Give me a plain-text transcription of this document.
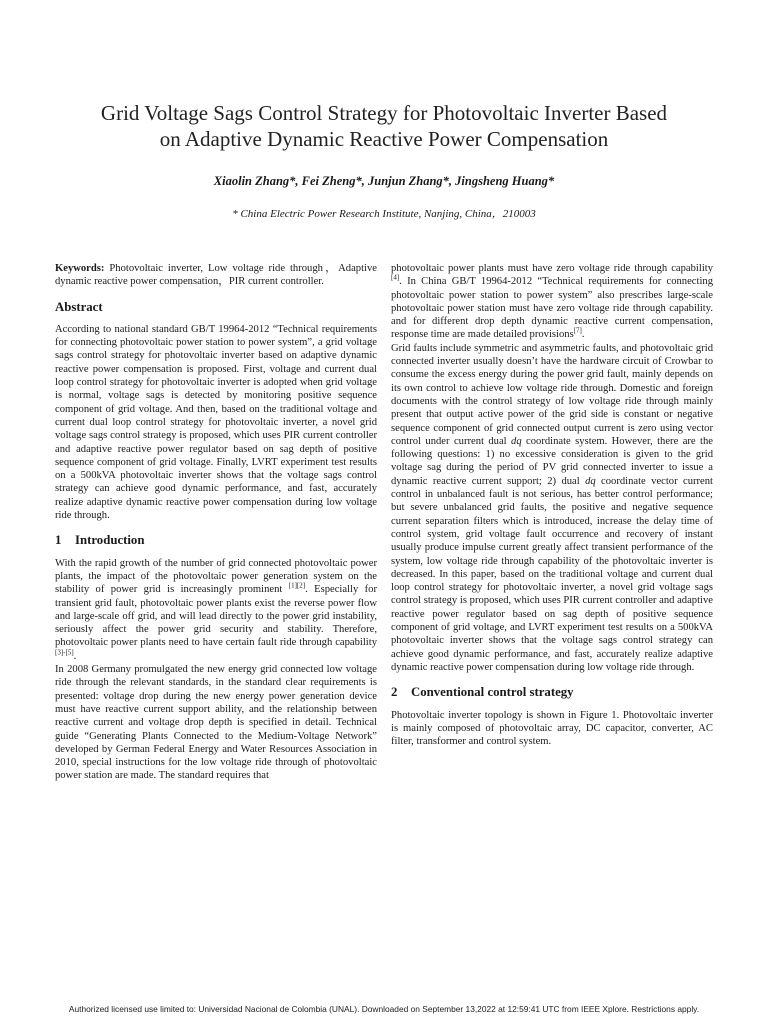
Grid Voltage Sags Control Strategy for Photovoltaic Inverter Based
on Adaptive Dynamic Reactive Power Compensation
Xiaolin Zhang*, Fei Zheng*, Junjun Zhang*, Jingsheng Huang*
* China Electric Power Research Institute, Nanjing, China，210003

Keywords: Photovoltaic inverter, Low voltage ride through，Adaptive dynamic reactive power compensation，PIR current controller.

Abstract

According to national standard GB/T 19964-2012 “Technical requirements for connecting photovoltaic power station to power system”, a grid voltage sags control strategy for photovoltaic inverter based on adaptive dynamic reactive power compensation is proposed. First, voltage and current dual loop control strategy for photovoltaic inverter is adopted when grid voltage is normal, voltage sags is detected by monitoring positive sequence component of grid voltage. And then, based on the traditional voltage and current dual loop control strategy for photovoltaic inverter, a novel grid voltage sags control strategy is proposed, which uses PIR current controller and adaptive reactive power regulator based on sag depth of positive sequence component of grid voltage. Finally, LVRT experiment test results on a 500kVA photovoltaic inverter shows that the voltage sags control strategy can achieve good dynamic performance, and fast, accurately realize adaptive dynamic reactive power compensation during low voltage ride through.

1 Introduction

With the rapid growth of the number of grid connected photovoltaic power plants, the impact of the photovoltaic power generation system on the stability of power grid is increasingly prominent [1][2]. Especially for transient grid fault, photovoltaic power plants exist the reverse power flow and large-scale off grid, and will lead directly to the power grid instability, seriously affect the power grid security and stability. Therefore, photovoltaic power plants need to have certain fault ride through capability [3]-[5].

In 2008 Germany promulgated the new energy grid connected low voltage ride through the relevant standards, in the standard clear requirements is presented: voltage drop during the new energy power generation device must have reactive current support ability, and the relationship between reactive current and voltage drop depth is specified in detail. Technical guide “Generating Plants Connected to the Medium-Voltage Network” developed by German Federal Energy and Water Resources Association in 2010, special instructions for the low voltage ride through of photovoltaic power station are made. The standard requires that

photovoltaic power plants must have zero voltage ride through capability [4]. In China GB/T 19964-2012 “Technical requirements for connecting photovoltaic power station to power system” also prescribes large-scale photovoltaic power station must have zero voltage ride through capability. and for different drop depth dynamic reactive current compensation, response time are made detailed provisions[7].

Grid faults include symmetric and asymmetric faults, and photovoltaic grid connected inverter usually doesn’t have the hardware circuit of Crowbar to consume the excess energy during the power grid fault, mainly depends on its own control to achieve low voltage ride through. Domestic and foreign documents with the control strategy of low voltage ride through mainly present that output active power of the grid side is constant or negative sequence component of grid connected output current is zero using vector control under current dual dq coordinate system. However, there are the following questions: 1) no excessive consideration is given to the grid voltage sag during the period of PV grid connected inverter to issue a dynamic reactive current support; 2) dual dq coordinate vector current control in unbalanced fault is not serious, has better control performance; but severe unbalanced grid faults, the positive and negative sequence current separation filters which is introduced, increase the delay time of control system, grid voltage fault occurrence and recovery of instant usually produce impulse current greatly affect transient performance of the system, low voltage ride through capability of the photovoltaic inverter is decreased. In this paper, based on the traditional voltage and current dual loop control strategy for photovoltaic inverter, a novel grid voltage sags control strategy is proposed, which uses PIR current controller and adaptive reactive power regulator based on sag depth of positive sequence component of grid voltage, and LVRT experiment test results on a 500kVA photovoltaic inverter shows that the voltage sags control strategy can achieve good dynamic performance, and fast, accurately realize adaptive dynamic reactive power compensation during low voltage ride through.

2 Conventional control strategy

Photovoltaic inverter topology is shown in Figure 1. Photovoltaic inverter is mainly composed of photovoltaic array, DC capacitor, converter, AC filter, transformer and control system.

Authorized licensed use limited to: Universidad Nacional de Colombia (UNAL). Downloaded on September 13,2022 at 12:59:41 UTC from IEEE Xplore. Restrictions apply.
